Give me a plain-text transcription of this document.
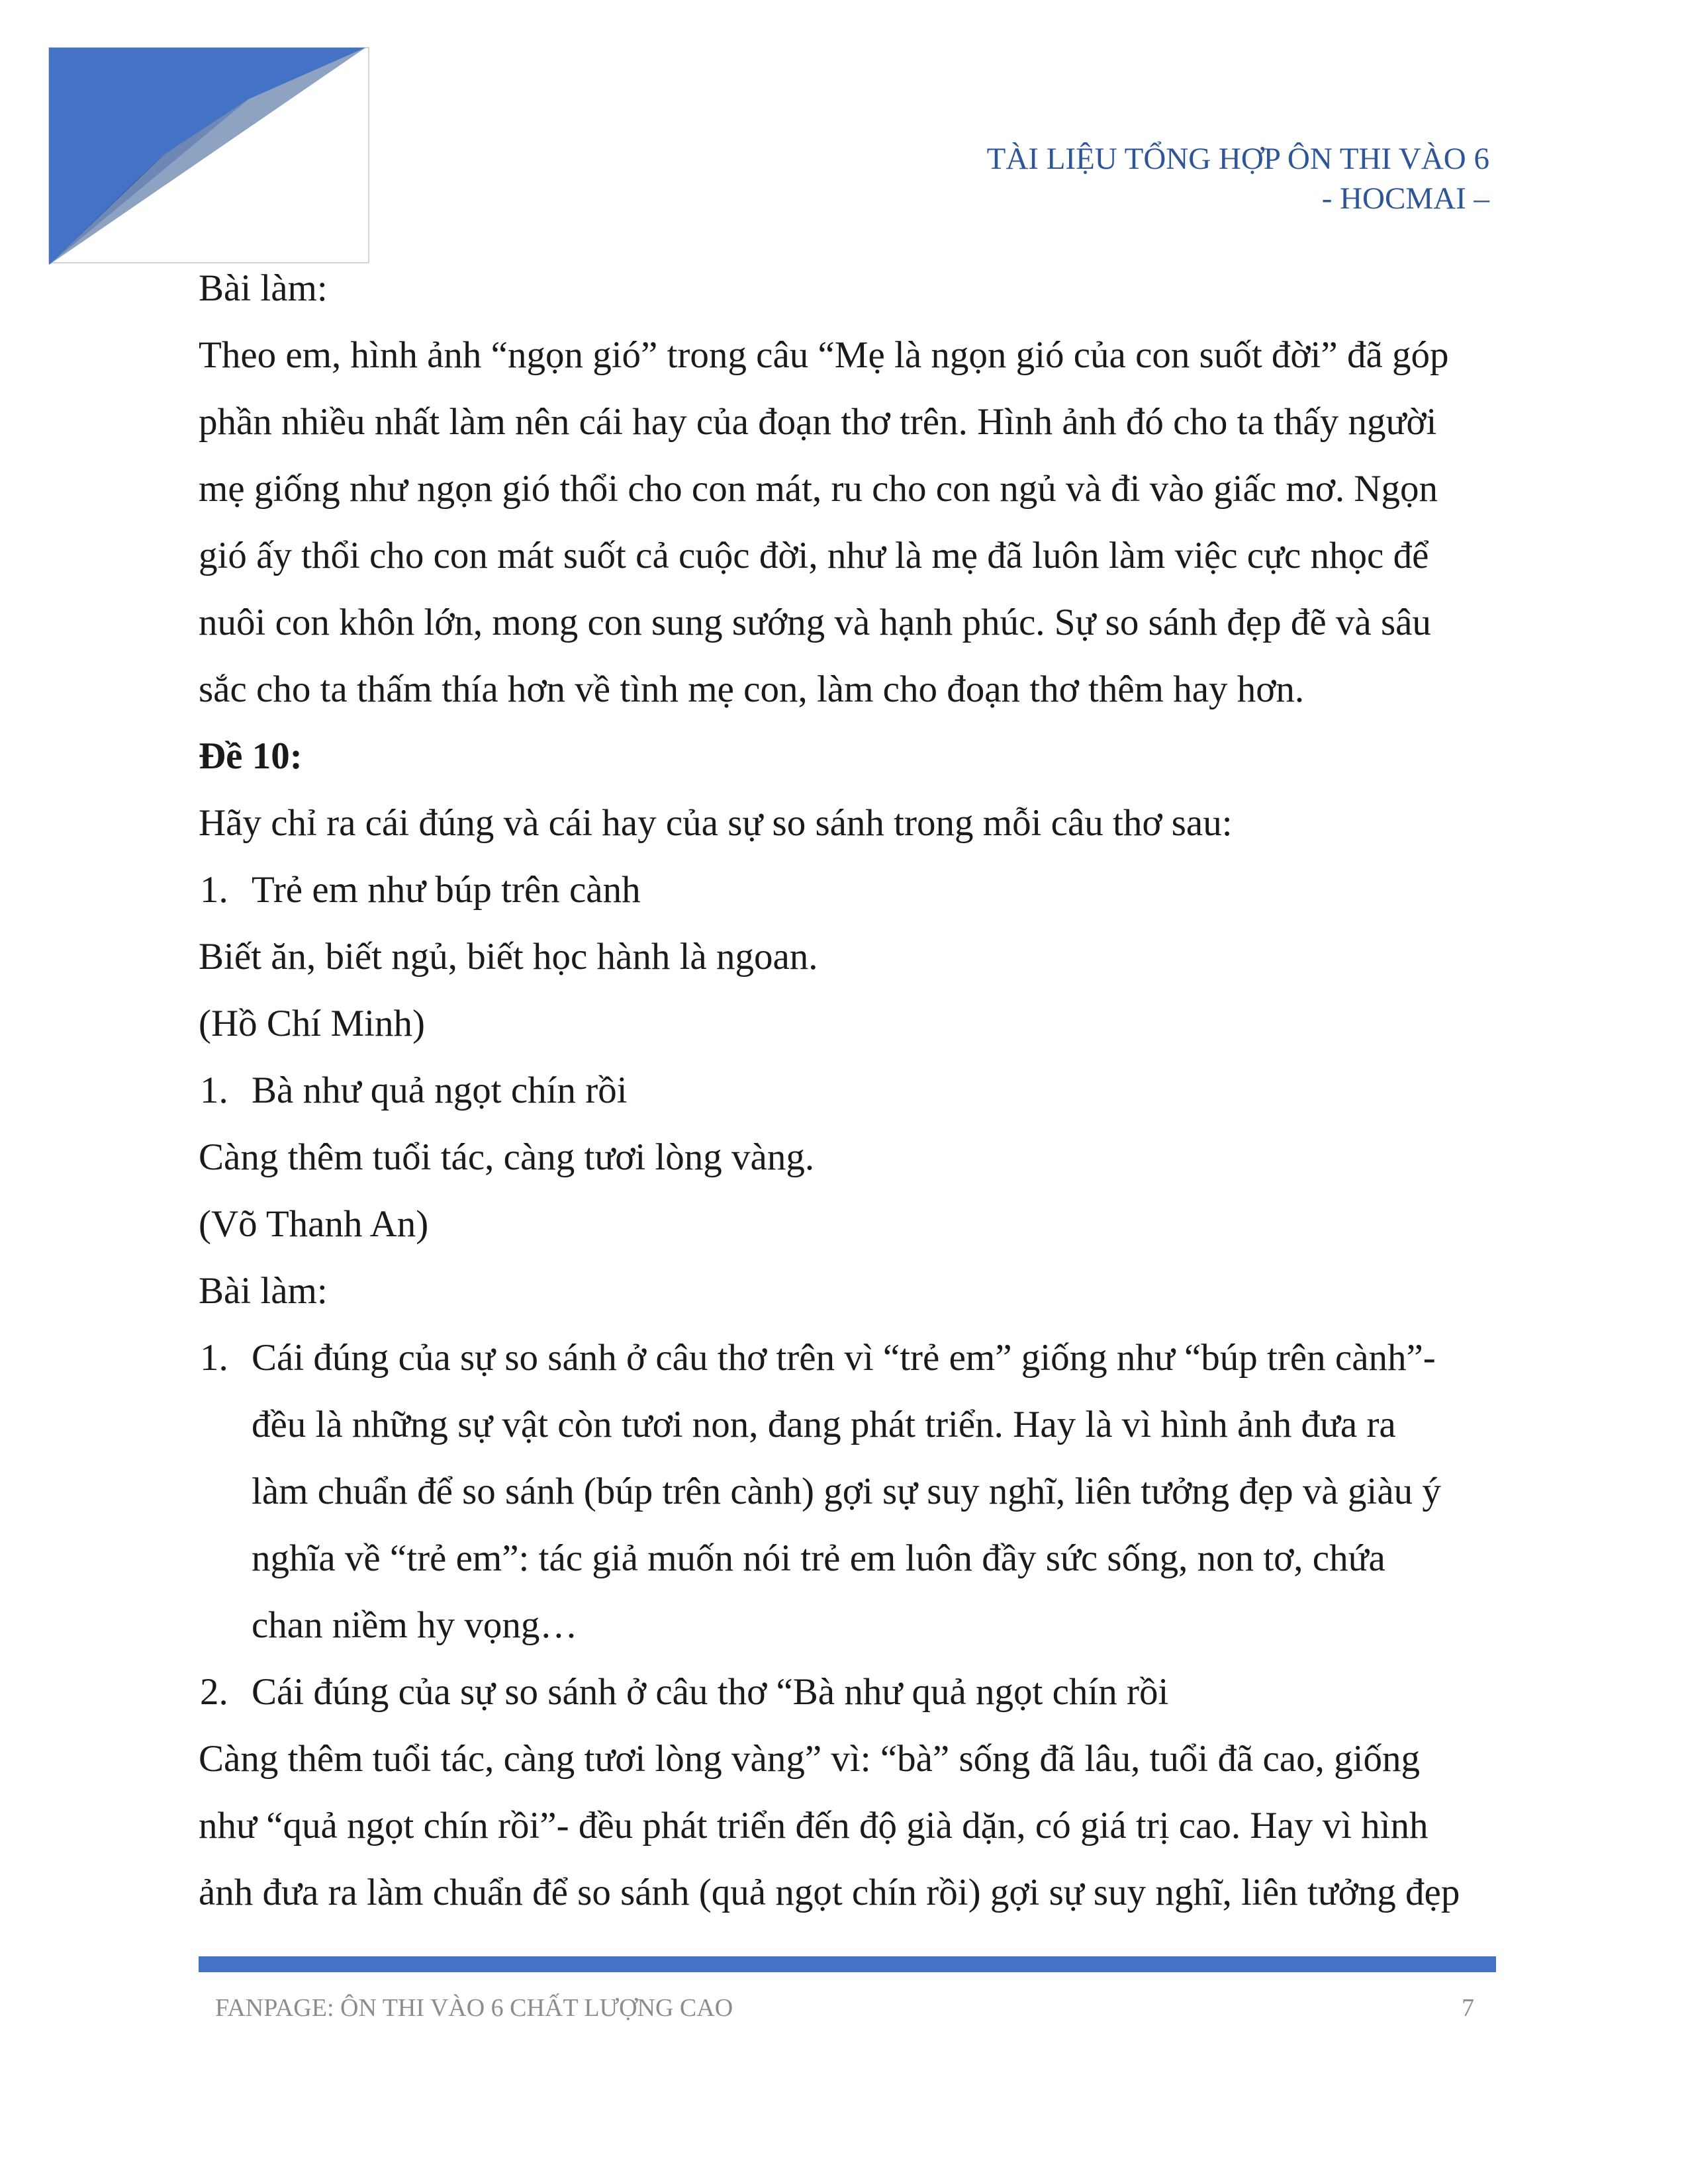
TÀI LIỆU TỔNG HỢP ÔN THI VÀO 6
- HOCMAI –
Bài làm:
Theo em, hình ảnh “ngọn gió” trong câu “Mẹ là ngọn gió của con suốt đời” đã góp
phần nhiều nhất làm nên cái hay của đoạn thơ trên. Hình ảnh đó cho ta thấy người
mẹ giống như ngọn gió thổi cho con mát, ru cho con ngủ và đi vào giấc mơ. Ngọn
gió ấy thổi cho con mát suốt cả cuộc đời, như là mẹ đã luôn làm việc cực nhọc để
nuôi con khôn lớn, mong con sung sướng và hạnh phúc. Sự so sánh đẹp đẽ và sâu
sắc cho ta thấm thía hơn về tình mẹ con, làm cho đoạn thơ thêm hay hơn.
Đề 10:
Hãy chỉ ra cái đúng và cái hay của sự so sánh trong mỗi câu thơ sau:
1. Trẻ em như búp trên cành
Biết ăn, biết ngủ, biết học hành là ngoan.
(Hồ Chí Minh)
1. Bà như quả ngọt chín rồi
Càng thêm tuổi tác, càng tươi lòng vàng.
(Võ Thanh An)
Bài làm:
1. Cái đúng của sự so sánh ở câu thơ trên vì “trẻ em” giống như “búp trên cành”-
đều là những sự vật còn tươi non, đang phát triển. Hay là vì hình ảnh đưa ra
làm chuẩn để so sánh (búp trên cành) gợi sự suy nghĩ, liên tưởng đẹp và giàu ý
nghĩa về “trẻ em”: tác giả muốn nói trẻ em luôn đầy sức sống, non tơ, chứa
chan niềm hy vọng…
2. Cái đúng của sự so sánh ở câu thơ “Bà như quả ngọt chín rồi
Càng thêm tuổi tác, càng tươi lòng vàng” vì: “bà” sống đã lâu, tuổi đã cao, giống
như “quả ngọt chín rồi”- đều phát triển đến độ già dặn, có giá trị cao. Hay vì hình
ảnh đưa ra làm chuẩn để so sánh (quả ngọt chín rồi) gợi sự suy nghĩ, liên tưởng đẹp
FANPAGE: ÔN THI VÀO 6 CHẤT LƯỢNG CAO	7
